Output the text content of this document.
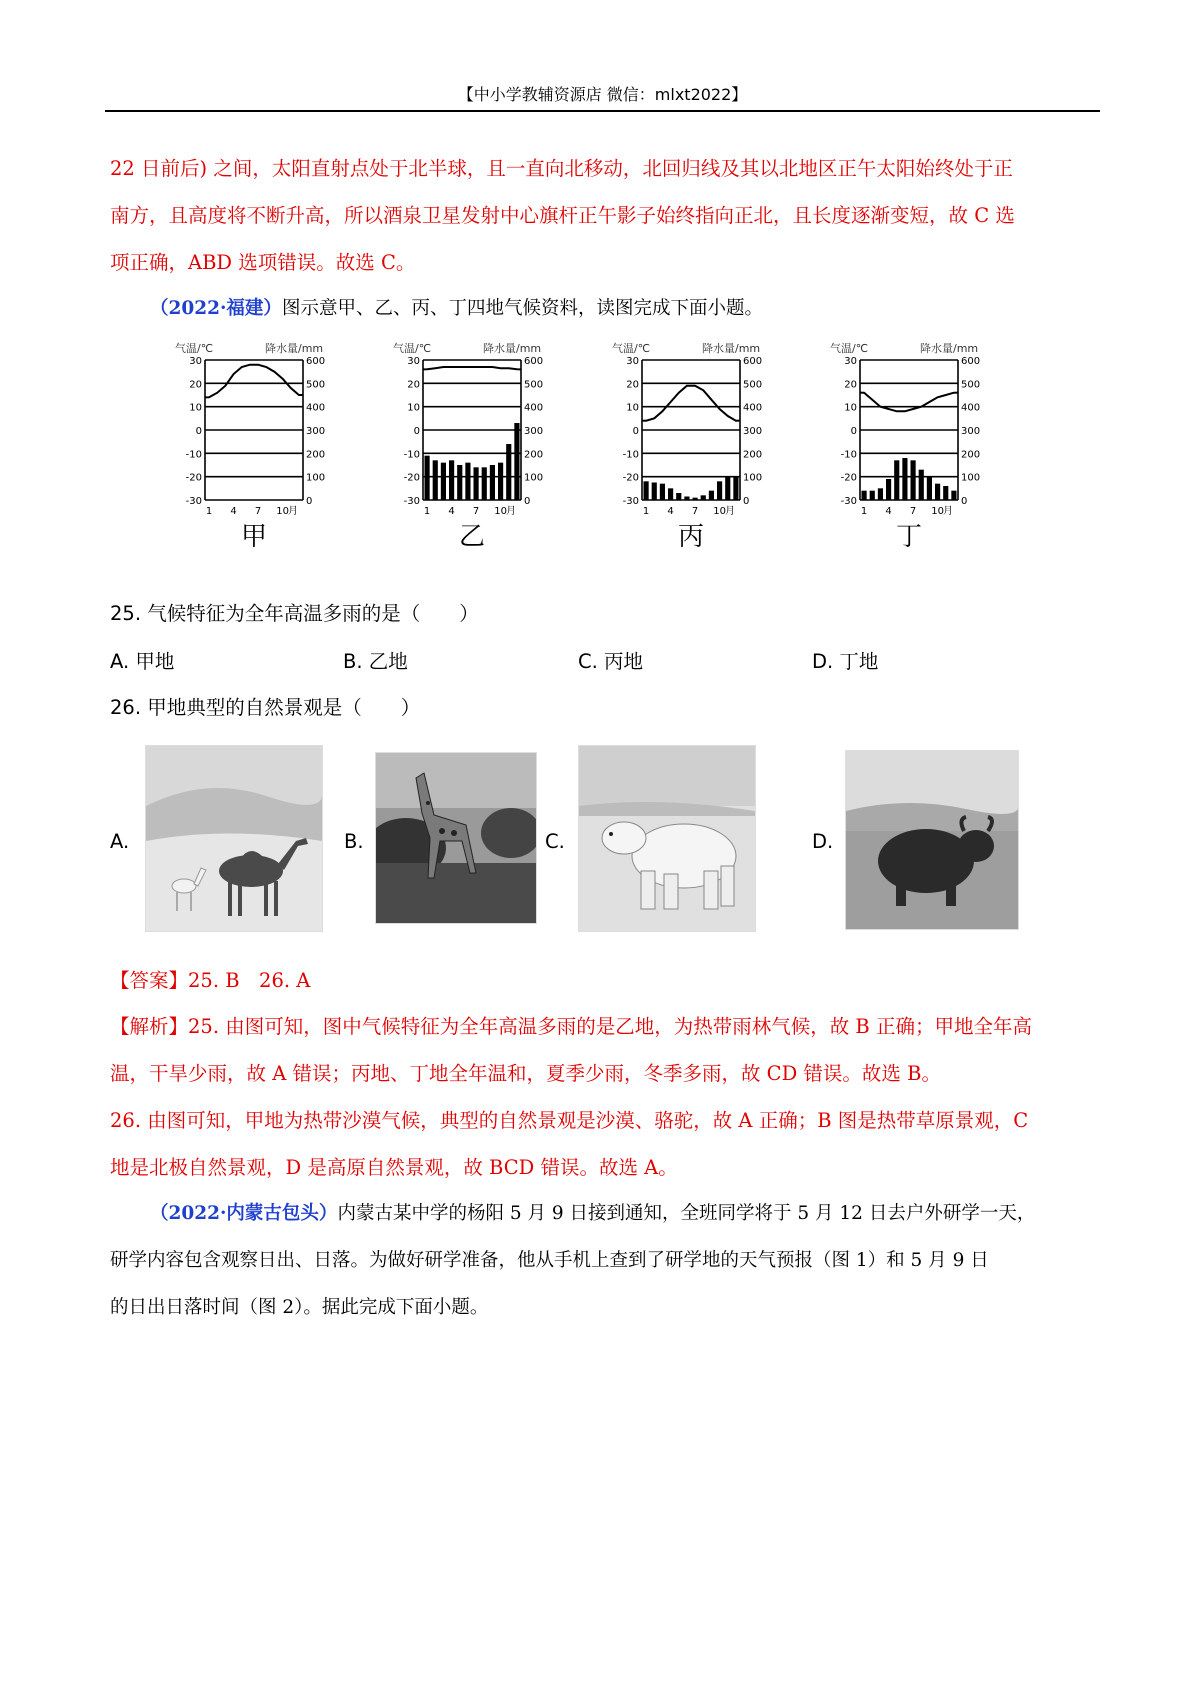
【中小学教辅资源店 微信：mlxt2022】
22 日前后) 之间，太阳直射点处于北半球，且一直向北移动，北回归线及其以北地区正午太阳始终处于正
南方，且高度将不断升高，所以酒泉卫星发射中心旗杆正午影子始终指向正北，且长度逐渐变短，故 C 选
项正确，ABD 选项错误。故选 C。
（2022·福建）图示意甲、乙、丙、丁四地气候资料，读图完成下面小题。
气温/℃	降水量/mm
30	600
20	500
10	400
0	300
-10	200
-20	100
-30	0
1 4 7 10 月
甲
气温/℃	降水量/mm
30	600
20	500
10	400
0	300
-10	200
-20	100
-30	0
1 4 7 10 月
乙
气温/℃	降水量/mm
30	600
20	500
10	400
0	300
-10	200
-20	100
-30	0
1 4 7 10 月
丙
气温/℃	降水量/mm
30	600
20	500
10	400
0	300
-10	200
-20	100
-30	0
1 4 7 10 月
丁
25. 气候特征为全年高温多雨的是（　　）
A. 甲地	B. 乙地	C. 丙地	D. 丁地
26. 甲地典型的自然景观是（　　）
A.	B.	C.	D.
【答案】25. B　26. A
【解析】25. 由图可知，图中气候特征为全年高温多雨的是乙地，为热带雨林气候，故 B 正确；甲地全年高
温，干旱少雨，故 A 错误；丙地、丁地全年温和，夏季少雨，冬季多雨，故 CD 错误。故选 B。
26. 由图可知，甲地为热带沙漠气候，典型的自然景观是沙漠、骆驼，故 A 正确；B 图是热带草原景观，C
地是北极自然景观，D 是高原自然景观，故 BCD 错误。故选 A。
（2022·内蒙古包头）内蒙古某中学的杨阳 5 月 9 日接到通知，全班同学将于 5 月 12 日去户外研学一天，
研学内容包含观察日出、日落。为做好研学准备，他从手机上查到了研学地的天气预报（图 1）和 5 月 9 日
的日出日落时间（图 2）。据此完成下面小题。
